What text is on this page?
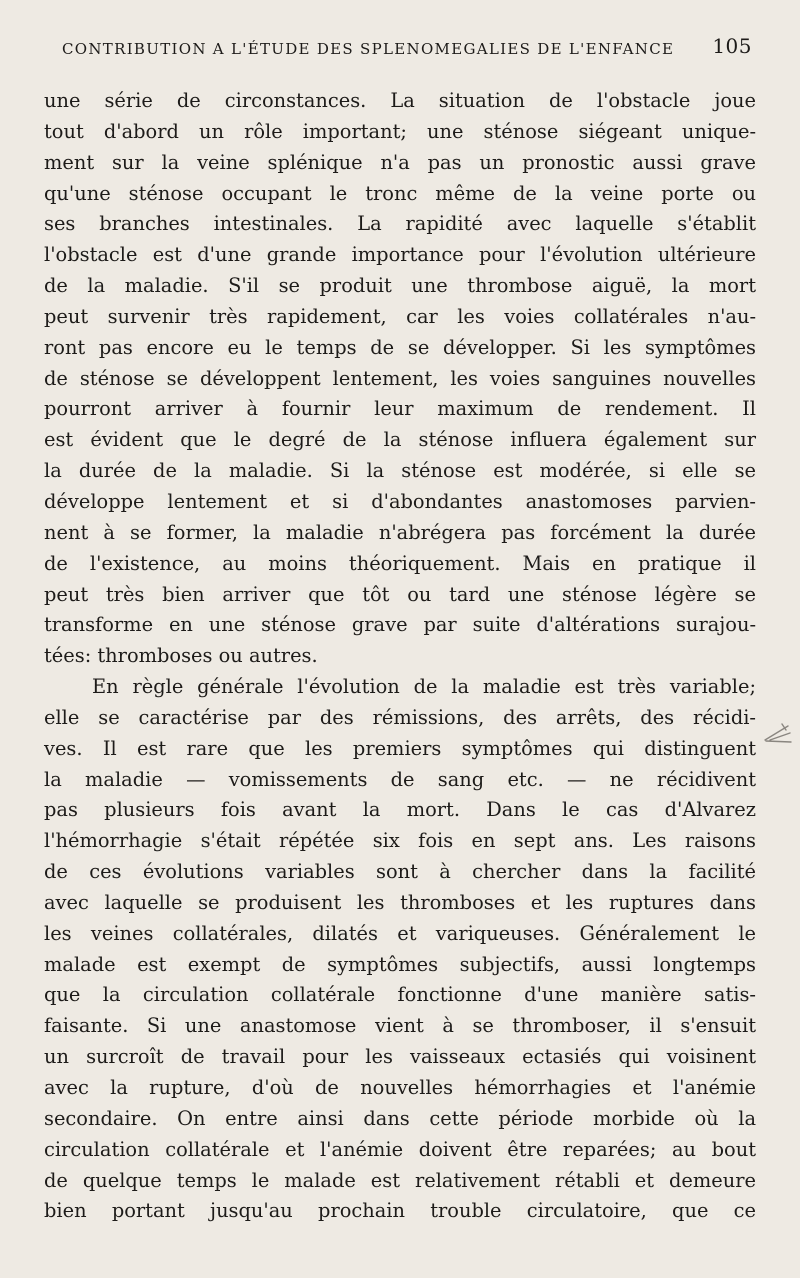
CONTRIBUTION A L'ÉTUDE DES SPLENOMEGALIES DE L'ENFANCE 105
une série de circonstances. La situation de l'obstacle joue
tout d'abord un rôle important; une sténose siégeant unique-
ment sur la veine splénique n'a pas un pronostic aussi grave
qu'une sténose occupant le tronc même de la veine porte ou
ses branches intestinales. La rapidité avec laquelle s'établit
l'obstacle est d'une grande importance pour l'évolution ultérieure
de la maladie. S'il se produit une thrombose aiguë, la mort
peut survenir très rapidement, car les voies collatérales n'au-
ront pas encore eu le temps de se développer. Si les symptômes
de sténose se développent lentement, les voies sanguines nouvelles
pourront arriver à fournir leur maximum de rendement. Il
est évident que le degré de la sténose influera également sur
la durée de la maladie. Si la sténose est modérée, si elle se
développe lentement et si d'abondantes anastomoses parvien-
nent à se former, la maladie n'abrégera pas forcément la durée
de l'existence, au moins théoriquement. Mais en pratique il
peut très bien arriver que tôt ou tard une sténose légère se
transforme en une sténose grave par suite d'altérations surajou-
tées: thromboses ou autres.
En règle générale l'évolution de la maladie est très variable;
elle se caractérise par des rémissions, des arrêts, des récidi-
ves. Il est rare que les premiers symptômes qui distinguent
la maladie — vomissements de sang etc. — ne récidivent
pas plusieurs fois avant la mort. Dans le cas d'Alvarez
l'hémorrhagie s'était répétée six fois en sept ans. Les raisons
de ces évolutions variables sont à chercher dans la facilité
avec laquelle se produisent les thromboses et les ruptures dans
les veines collatérales, dilatés et variqueuses. Généralement le
malade est exempt de symptômes subjectifs, aussi longtemps
que la circulation collatérale fonctionne d'une manière satis-
faisante. Si une anastomose vient à se thromboser, il s'ensuit
un surcroît de travail pour les vaisseaux ectasiés qui voisinent
avec la rupture, d'où de nouvelles hémorrhagies et l'anémie
secondaire. On entre ainsi dans cette période morbide où la
circulation collatérale et l'anémie doivent être reparées; au bout
de quelque temps le malade est relativement rétabli et demeure
bien portant jusqu'au prochain trouble circulatoire, que ce
